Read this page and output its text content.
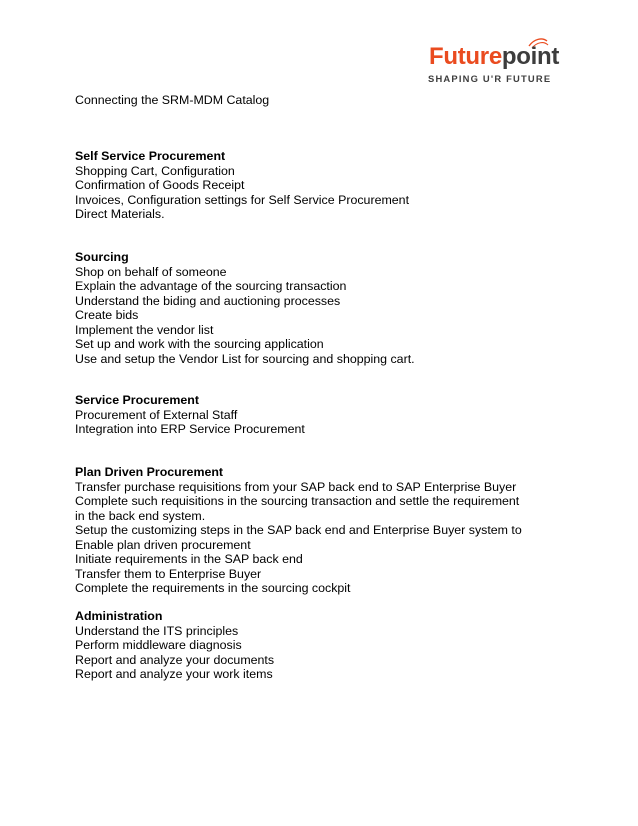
Futurepoint
SHAPING U'R FUTURE
Connecting the SRM-MDM Catalog
Self Service Procurement
Shopping Cart, Configuration
Confirmation of Goods Receipt
Invoices, Configuration settings for Self Service Procurement
Direct Materials.
Sourcing
Shop on behalf of someone
Explain the advantage of the sourcing transaction
Understand the biding and auctioning processes
Create bids
Implement the vendor list
Set up and work with the sourcing application
Use and setup the Vendor List for sourcing and shopping cart.
Service Procurement
Procurement of External Staff
Integration into ERP Service Procurement
Plan Driven Procurement
Transfer purchase requisitions from your SAP back end to SAP Enterprise Buyer
Complete such requisitions in the sourcing transaction and settle the requirement
in the back end system.
Setup the customizing steps in the SAP back end and Enterprise Buyer system to
Enable plan driven procurement
Initiate requirements in the SAP back end
Transfer them to Enterprise Buyer
Complete the requirements in the sourcing cockpit
Administration
Understand the ITS principles
Perform middleware diagnosis
Report and analyze your documents
Report and analyze your work items
